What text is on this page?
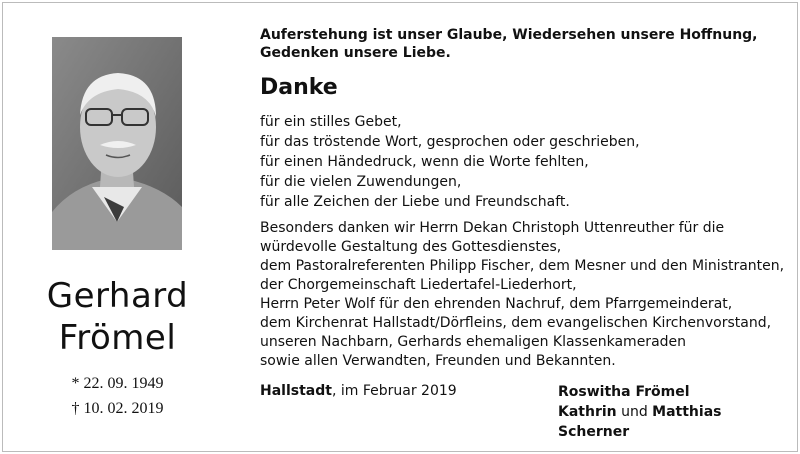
Gerhard
Frömel
* 22. 09. 1949
† 10. 02. 2019
Auferstehung ist unser Glaube, Wiedersehen unsere Hoffnung,
Gedenken unsere Liebe.
Danke
für ein stilles Gebet,
für das tröstende Wort, gesprochen oder geschrieben,
für einen Händedruck, wenn die Worte fehlten,
für die vielen Zuwendungen,
für alle Zeichen der Liebe und Freundschaft.
Besonders danken wir Herrn Dekan Christoph Uttenreuther für die
würdevolle Gestaltung des Gottesdienstes,
dem Pastoralreferenten Philipp Fischer, dem Mesner und den Ministranten,
der Chorgemeinschaft Liedertafel-Liederhort,
Herrn Peter Wolf für den ehrenden Nachruf, dem Pfarrgemeinderat,
dem Kirchenrat Hallstadt/Dörfleins, dem evangelischen Kirchenvorstand,
unseren Nachbarn, Gerhards ehemaligen Klassenkameraden
sowie allen Verwandten, Freunden und Bekannten.
Hallstadt, im Februar 2019	Roswitha Frömel
Kathrin und Matthias Scherner
